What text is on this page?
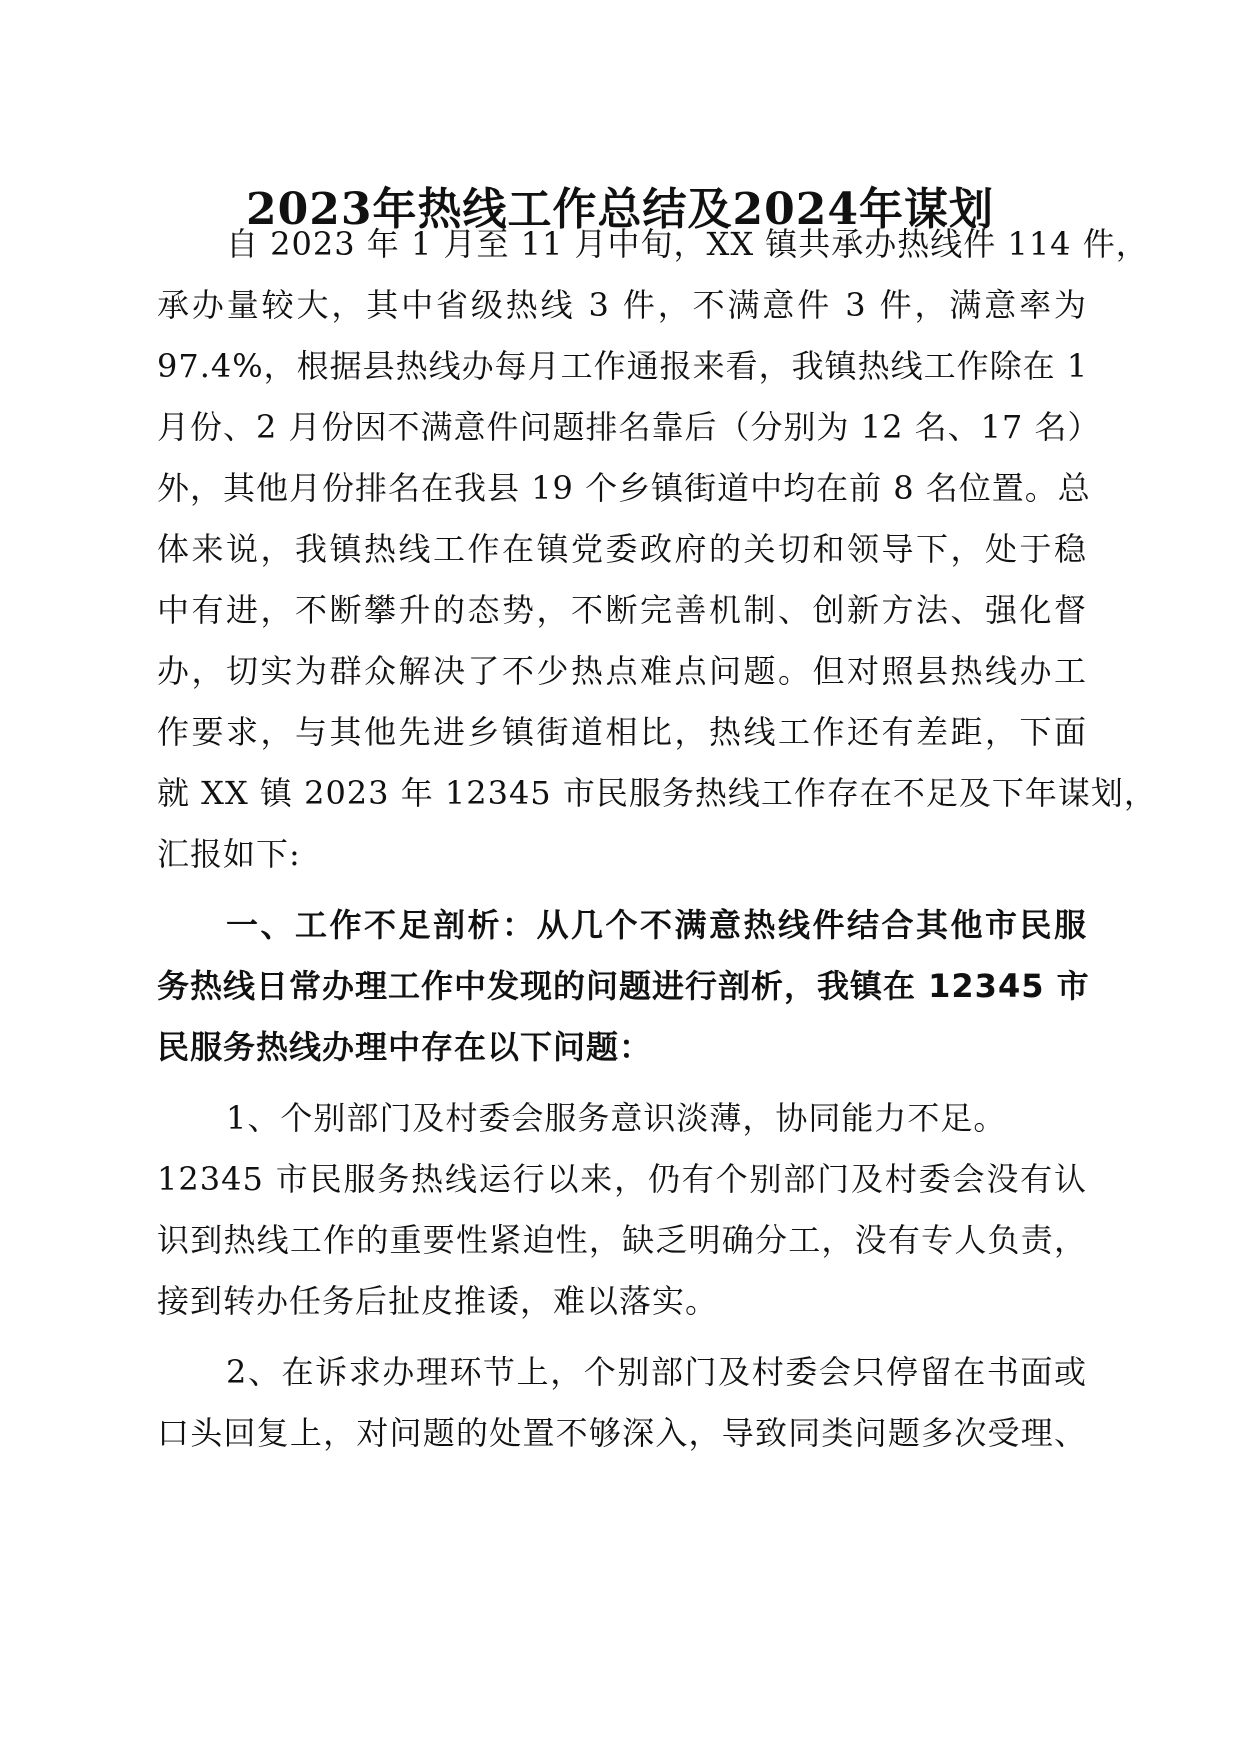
2023年热线工作总结及2024年谋划
自 2023 年 1 月至 11 月中旬，XX 镇共承办热线件 114 件，
承办量较大，其中省级热线 3 件，不满意件 3 件，满意率为
97.4%，根据县热线办每月工作通报来看，我镇热线工作除在 1
月份、2 月份因不满意件问题排名靠后（分别为 12 名、17 名）
外，其他月份排名在我县 19 个乡镇街道中均在前 8 名位置。总
体来说，我镇热线工作在镇党委政府的关切和领导下，处于稳
中有进，不断攀升的态势，不断完善机制、创新方法、强化督
办，切实为群众解决了不少热点难点问题。但对照县热线办工
作要求，与其他先进乡镇街道相比，热线工作还有差距，下面
就 XX 镇 2023 年 12345 市民服务热线工作存在不足及下年谋划，
汇报如下:
一、工作不足剖析：从几个不满意热线件结合其他市民服
务热线日常办理工作中发现的问题进行剖析，我镇在 12345 市
民服务热线办理中存在以下问题：
1、个别部门及村委会服务意识淡薄，协同能力不足。
12345 市民服务热线运行以来，仍有个别部门及村委会没有认
识到热线工作的重要性紧迫性，缺乏明确分工，没有专人负责，
接到转办任务后扯皮推诿，难以落实。
2、在诉求办理环节上，个别部门及村委会只停留在书面或
口头回复上，对问题的处置不够深入，导致同类问题多次受理、
